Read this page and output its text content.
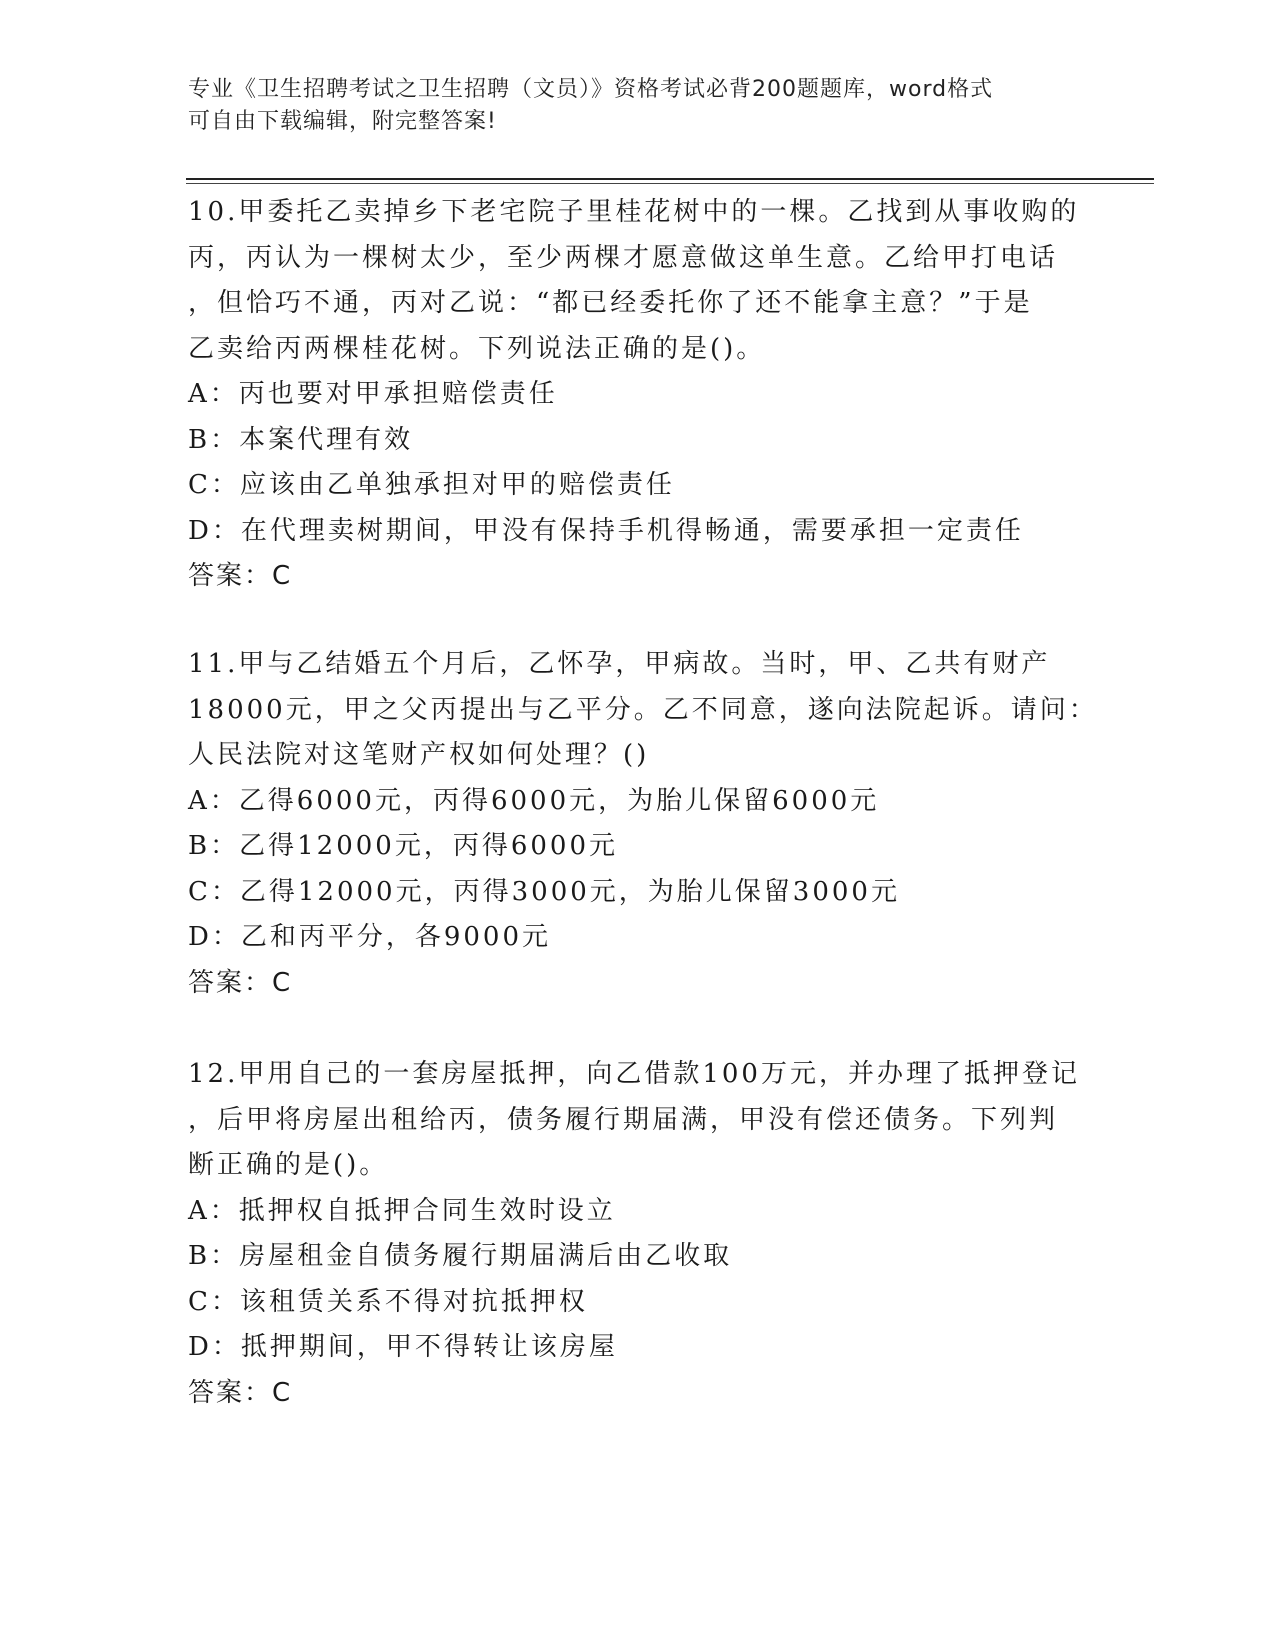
专业《卫生招聘考试之卫生招聘（文员）》资格考试必背200题题库，word格式
可自由下载编辑，附完整答案!
10.甲委托乙卖掉乡下老宅院子里桂花树中的一棵。乙找到从事收购的
丙，丙认为一棵树太少，至少两棵才愿意做这单生意。乙给甲打电话
，但恰巧不通，丙对乙说：“都已经委托你了还不能拿主意？”于是
乙卖给丙两棵桂花树。下列说法正确的是()。
A：丙也要对甲承担赔偿责任
B：本案代理有效
C：应该由乙单独承担对甲的赔偿责任
D：在代理卖树期间，甲没有保持手机得畅通，需要承担一定责任
答案：C
11.甲与乙结婚五个月后，乙怀孕，甲病故。当时，甲、乙共有财产
18000元，甲之父丙提出与乙平分。乙不同意，遂向法院起诉。请问：
人民法院对这笔财产权如何处理？()
A：乙得6000元，丙得6000元，为胎儿保留6000元
B：乙得12000元，丙得6000元
C：乙得12000元，丙得3000元，为胎儿保留3000元
D：乙和丙平分，各9000元
答案：C
12.甲用自己的一套房屋抵押，向乙借款100万元，并办理了抵押登记
，后甲将房屋出租给丙，债务履行期届满，甲没有偿还债务。下列判
断正确的是()。
A：抵押权自抵押合同生效时设立
B：房屋租金自债务履行期届满后由乙收取
C：该租赁关系不得对抗抵押权
D：抵押期间，甲不得转让该房屋
答案：C
